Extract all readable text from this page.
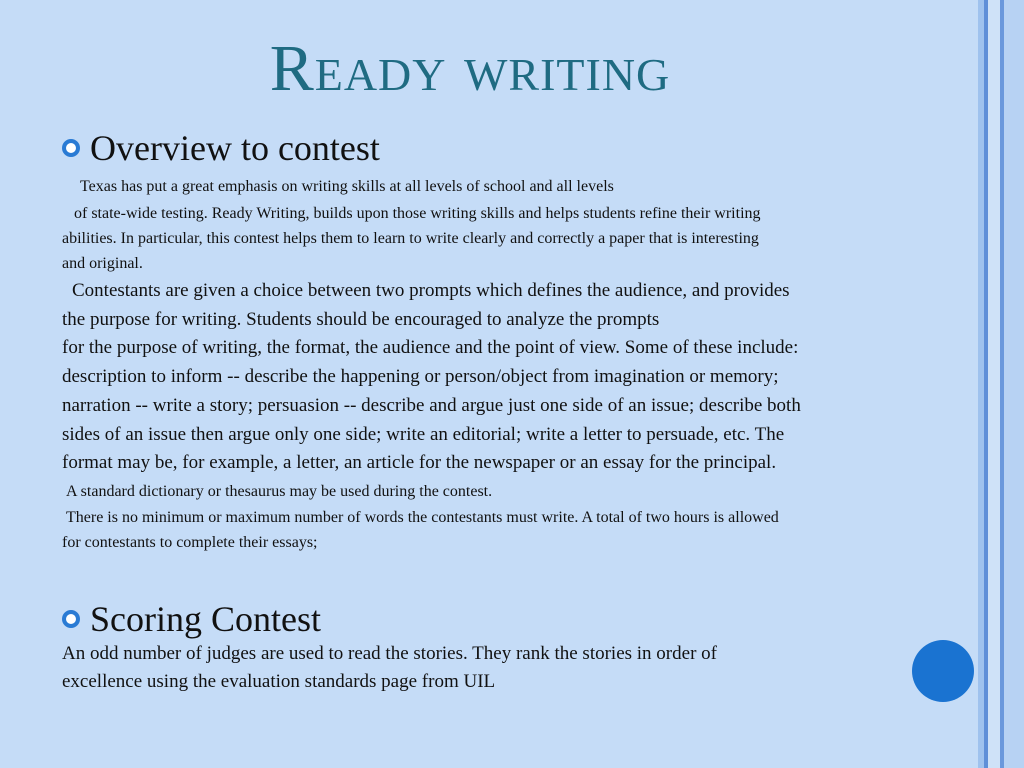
Ready writing
Overview to contest

Texas has put a great emphasis on writing skills at all levels of school and all levels

of state-wide testing. Ready Writing, builds upon those writing skills and helps students refine their writing

abilities. In particular, this contest helps them to learn to write clearly and correctly a paper that is interesting

and original.

Contestants are given a choice between two prompts which defines the audience, and provides

the purpose for writing. Students should be encouraged to analyze the prompts

for the purpose of writing, the format, the audience and the point of view. Some of these include:

description to inform -- describe the happening or person/object from imagination or memory;

narration -- write a story; persuasion -- describe and argue just one side of an issue; describe both

sides of an issue then argue only one side; write an editorial; write a letter to persuade, etc. The

format may be, for example, a letter, an article for the newspaper or an essay for the principal.

A standard dictionary or thesaurus may be used during the contest.

There is no minimum or maximum number of words the contestants must write. A total of two hours is allowed

for contestants to complete their essays;

Scoring Contest

An odd number of judges are used to read the stories. They rank the stories in order of

excellence using the evaluation standards page from UIL
